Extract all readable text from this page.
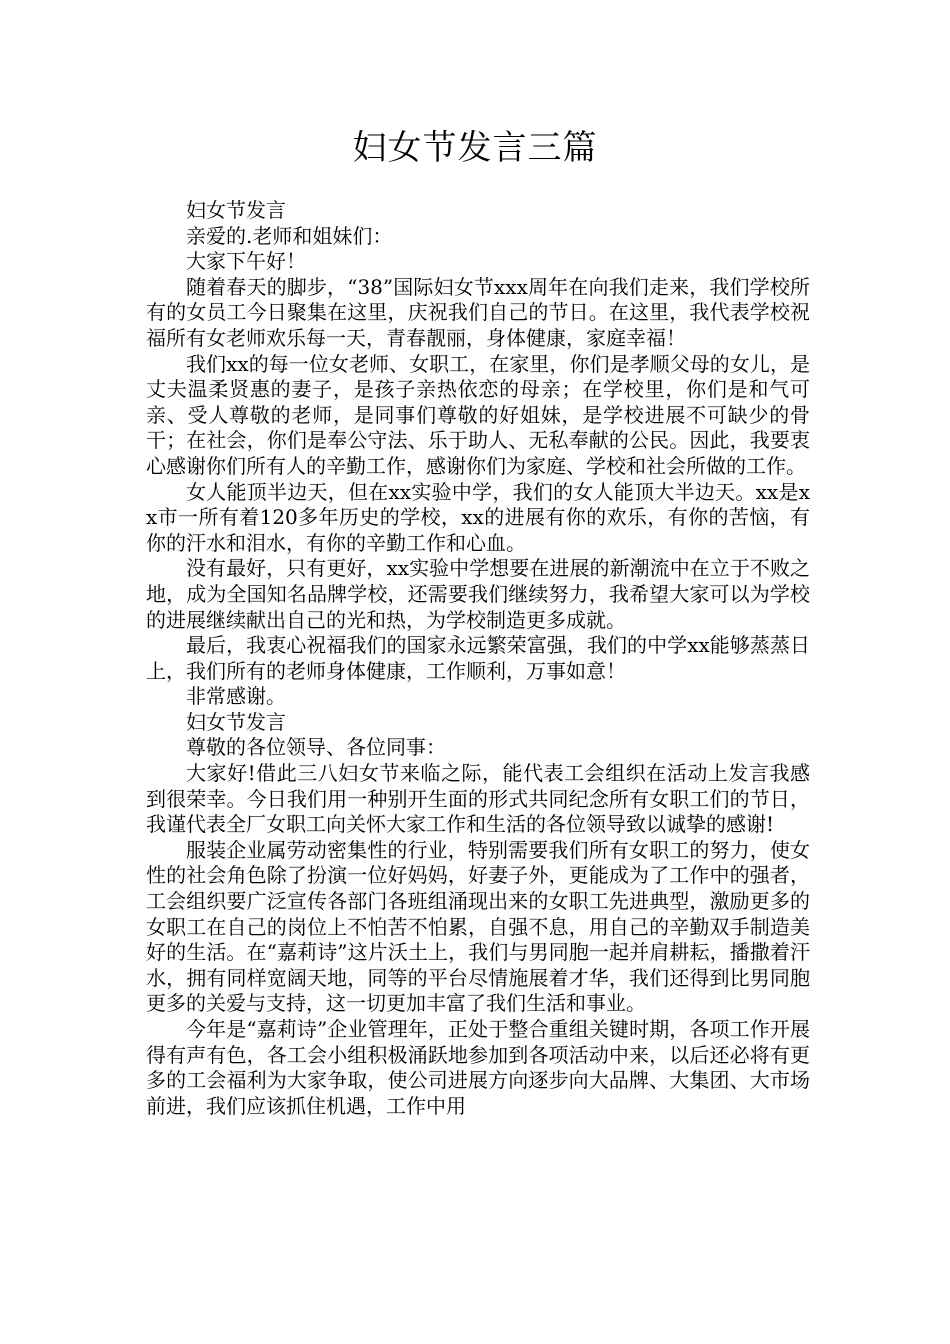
妇女节发言三篇

妇女节发言

亲爱的.老师和姐妹们：

大家下午好！

随着春天的脚步，“38”国际妇女节xxx周年在向我们走来，我们学校所有的女员工今日聚集在这里，庆祝我们自己的节日。在这里，我代表学校祝福所有女老师欢乐每一天，青春靓丽，身体健康，家庭幸福！

我们xx的每一位女老师、女职工，在家里，你们是孝顺父母的女儿，是丈夫温柔贤惠的妻子，是孩子亲热依恋的母亲；在学校里，你们是和气可亲、受人尊敬的老师，是同事们尊敬的好姐妹，是学校进展不可缺少的骨干；在社会，你们是奉公守法、乐于助人、无私奉献的公民。因此，我要衷心感谢你们所有人的辛勤工作，感谢你们为家庭、学校和社会所做的工作。

女人能顶半边天，但在xx实验中学，我们的女人能顶大半边天。xx是xx市一所有着120多年历史的学校，xx的进展有你的欢乐，有你的苦恼，有你的汗水和泪水，有你的辛勤工作和心血。

没有最好，只有更好，xx实验中学想要在进展的新潮流中在立于不败之地，成为全国知名品牌学校，还需要我们继续努力，我希望大家可以为学校的进展继续献出自己的光和热，为学校制造更多成就。

最后，我衷心祝福我们的国家永远繁荣富强，我们的中学xx能够蒸蒸日上，我们所有的老师身体健康，工作顺利，万事如意！

非常感谢。

妇女节发言

尊敬的各位领导、各位同事：

大家好!借此三八妇女节来临之际，能代表工会组织在活动上发言我感到很荣幸。今日我们用一种别开生面的形式共同纪念所有女职工们的节日，我谨代表全厂女职工向关怀大家工作和生活的各位领导致以诚挚的感谢!

服装企业属劳动密集性的行业，特别需要我们所有女职工的努力，使女性的社会角色除了扮演一位好妈妈，好妻子外，更能成为了工作中的强者，工会组织要广泛宣传各部门各班组涌现出来的女职工先进典型，激励更多的女职工在自己的岗位上不怕苦不怕累，自强不息，用自己的辛勤双手制造美好的生活。在“嘉莉诗”这片沃土上，我们与男同胞一起并肩耕耘，播撒着汗水，拥有同样宽阔天地，同等的平台尽情施展着才华，我们还得到比男同胞更多的关爱与支持，这一切更加丰富了我们生活和事业。

今年是“嘉莉诗”企业管理年，正处于整合重组关键时期，各项工作开展得有声有色，各工会小组积极涌跃地参加到各项活动中来，以后还必将有更多的工会福利为大家争取，使公司进展方向逐步向大品牌、大集团、大市场前进，我们应该抓住机遇，工作中用
